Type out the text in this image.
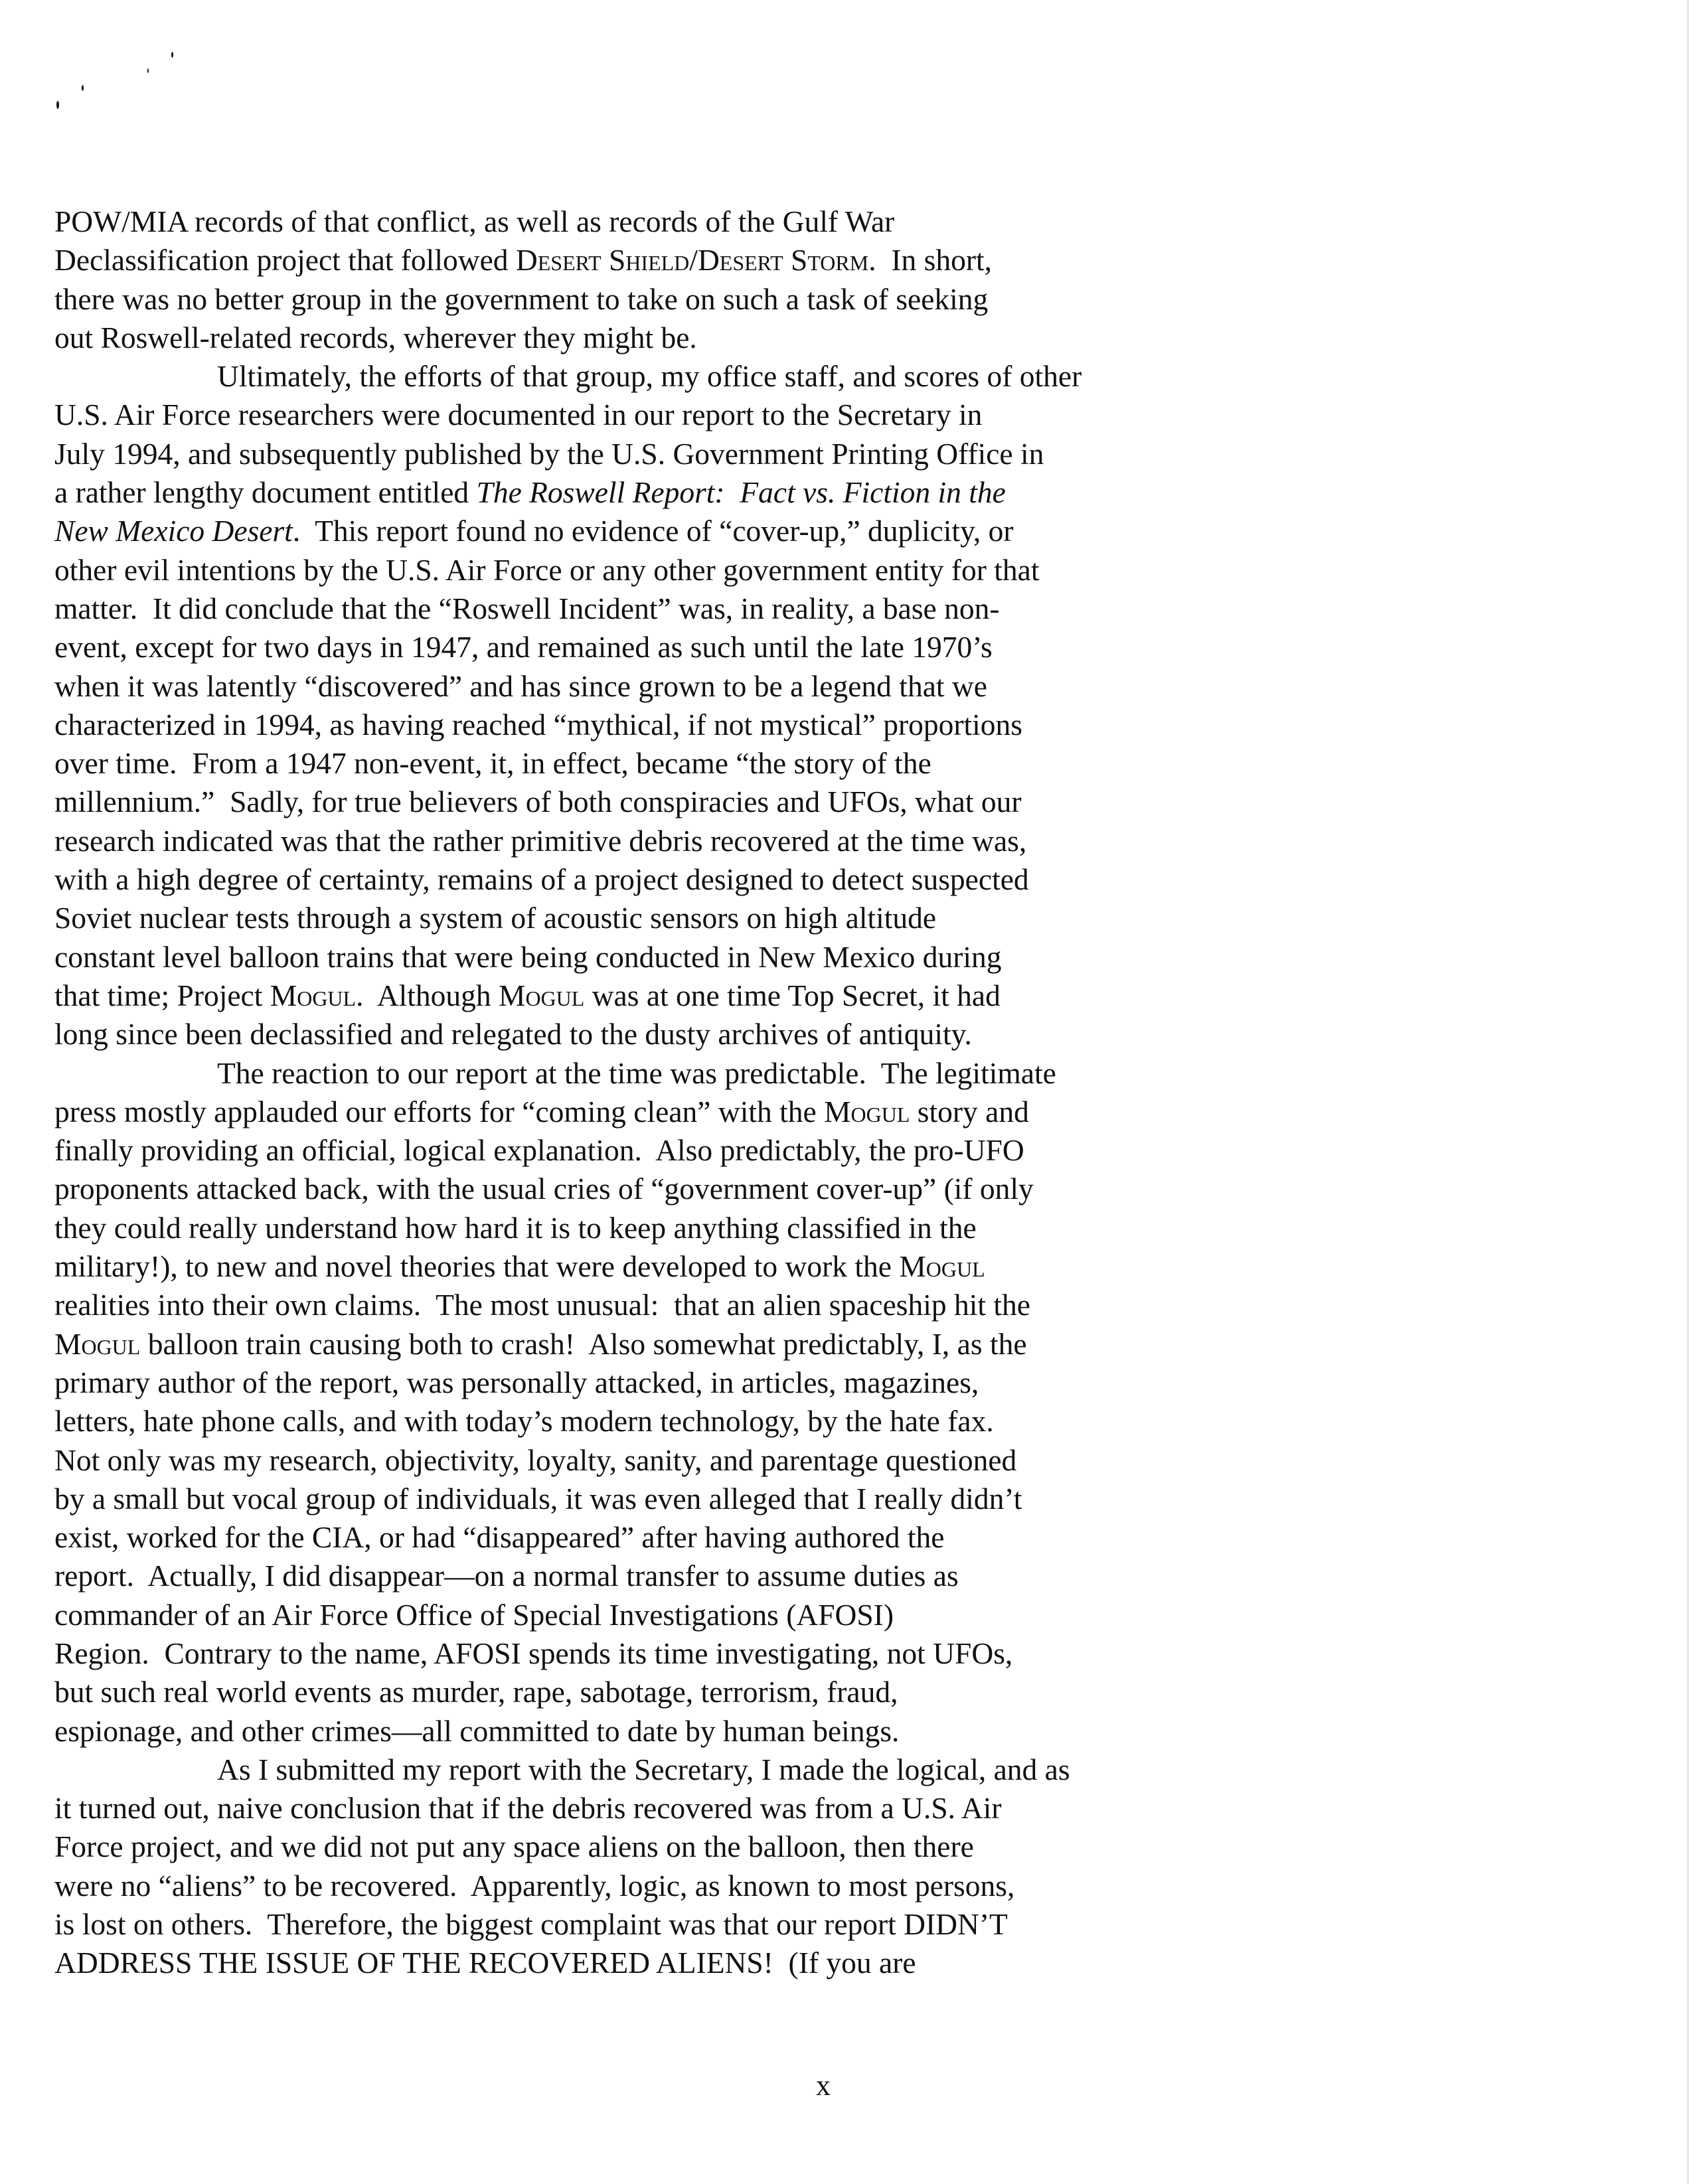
POW/MIA records of that conflict, as well as records of the Gulf War
Declassification project that followed Desert Shield/Desert Storm.  In short,
there was no better group in the government to take on such a task of seeking
out Roswell-related records, wherever they might be.
Ultimately, the efforts of that group, my office staff, and scores of other
U.S. Air Force researchers were documented in our report to the Secretary in
July 1994, and subsequently published by the U.S. Government Printing Office in
a rather lengthy document entitled The Roswell Report:  Fact vs. Fiction in the
New Mexico Desert.  This report found no evidence of “cover-up,” duplicity, or
other evil intentions by the U.S. Air Force or any other government entity for that
matter.  It did conclude that the “Roswell Incident” was, in reality, a base non-
event, except for two days in 1947, and remained as such until the late 1970’s
when it was latently “discovered” and has since grown to be a legend that we
characterized in 1994, as having reached “mythical, if not mystical” proportions
over time.  From a 1947 non-event, it, in effect, became “the story of the
millennium.”  Sadly, for true believers of both conspiracies and UFOs, what our
research indicated was that the rather primitive debris recovered at the time was,
with a high degree of certainty, remains of a project designed to detect suspected
Soviet nuclear tests through a system of acoustic sensors on high altitude
constant level balloon trains that were being conducted in New Mexico during
that time; Project Mogul.  Although Mogul was at one time Top Secret, it had
long since been declassified and relegated to the dusty archives of antiquity.
The reaction to our report at the time was predictable.  The legitimate
press mostly applauded our efforts for “coming clean” with the Mogul story and
finally providing an official, logical explanation.  Also predictably, the pro-UFO
proponents attacked back, with the usual cries of “government cover-up” (if only
they could really understand how hard it is to keep anything classified in the
military!), to new and novel theories that were developed to work the Mogul
realities into their own claims.  The most unusual:  that an alien spaceship hit the
Mogul balloon train causing both to crash!  Also somewhat predictably, I, as the
primary author of the report, was personally attacked, in articles, magazines,
letters, hate phone calls, and with today’s modern technology, by the hate fax.
Not only was my research, objectivity, loyalty, sanity, and parentage questioned
by a small but vocal group of individuals, it was even alleged that I really didn’t
exist, worked for the CIA, or had “disappeared” after having authored the
report.  Actually, I did disappear—on a normal transfer to assume duties as
commander of an Air Force Office of Special Investigations (AFOSI)
Region.  Contrary to the name, AFOSI spends its time investigating, not UFOs,
but such real world events as murder, rape, sabotage, terrorism, fraud,
espionage, and other crimes—all committed to date by human beings.
As I submitted my report with the Secretary, I made the logical, and as
it turned out, naive conclusion that if the debris recovered was from a U.S. Air
Force project, and we did not put any space aliens on the balloon, then there
were no “aliens” to be recovered.  Apparently, logic, as known to most persons,
is lost on others.  Therefore, the biggest complaint was that our report DIDN’T
ADDRESS THE ISSUE OF THE RECOVERED ALIENS!  (If you are
x
